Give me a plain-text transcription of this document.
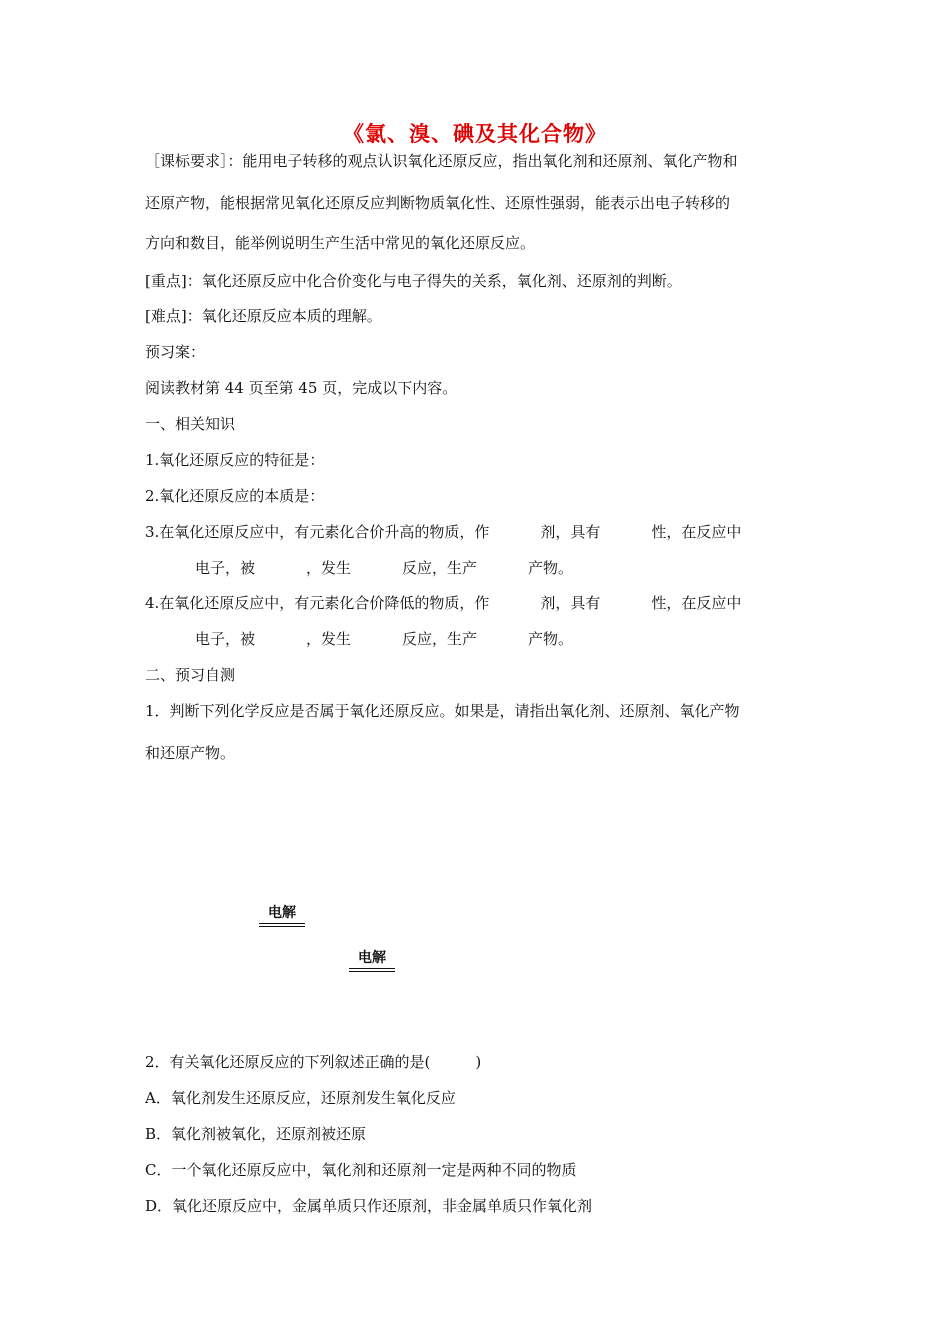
《氯、溴、碘及其化合物》
［课标要求］：能用电子转移的观点认识氧化还原反应，指出氧化剂和还原剂、氧化产物和
还原产物，能根据常见氧化还原反应判断物质氧化性、还原性强弱，能表示出电子转移的
方向和数目，能举例说明生产生活中常见的氧化还原反应。
[重点]：氧化还原反应中化合价变化与电子得失的关系，氧化剂、还原剂的判断。
[难点]：氧化还原反应本质的理解。
预习案：
阅读教材第 44 页至第 45 页，完成以下内容。
一、相关知识
1.氧化还原反应的特征是：
2.氧化还原反应的本质是：
3.在氧化还原反应中，有元素化合价升高的物质，作	剂，具有	性，在反应中
电子，被	，发生	反应，生产	产物。
4.在氧化还原反应中，有元素化合价降低的物质，作	剂，具有	性，在反应中
电子，被	，发生	反应，生产	产物。
二、预习自测
1．判断下列化学反应是否属于氧化还原反应。如果是，请指出氧化剂、还原剂、氧化产物
和还原产物。
电解
电解
2．有关氧化还原反应的下列叙述正确的是(　　　)
A．氧化剂发生还原反应，还原剂发生氧化反应
B．氧化剂被氧化，还原剂被还原
C．一个氧化还原反应中，氧化剂和还原剂一定是两种不同的物质
D．氧化还原反应中，金属单质只作还原剂，非金属单质只作氧化剂
